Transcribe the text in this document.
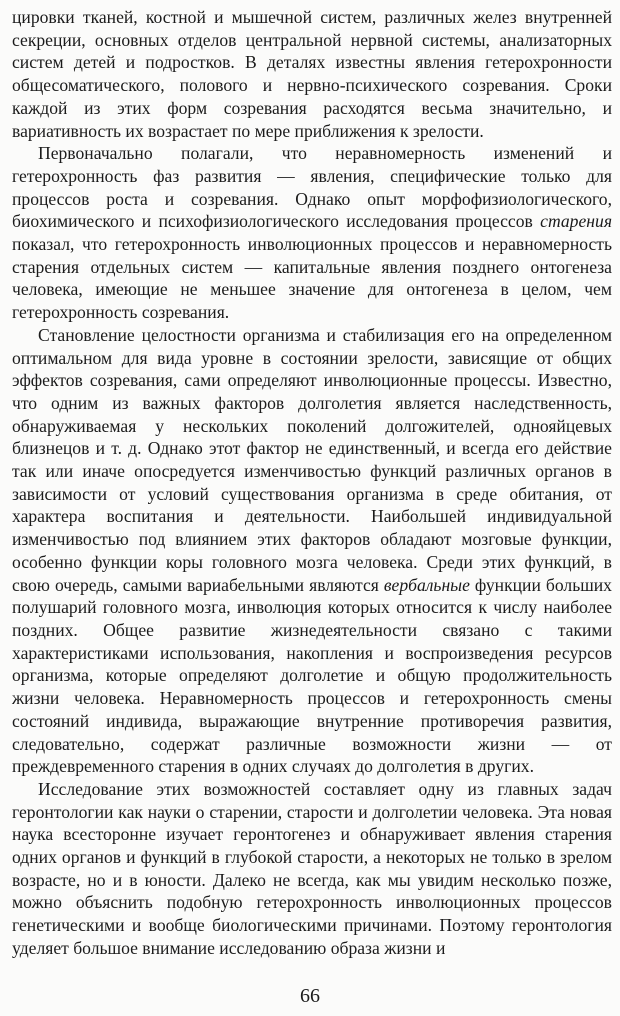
цировки тканей, костной и мышечной систем, различных желез внутренней секреции, основных отделов центральной нервной системы, анализаторных систем детей и подростков. В деталях известны явления гетерохронности общесоматического, полового и нервно-психического созревания. Сроки каждой из этих форм созревания расходятся весьма значительно, и вариативность их возрастает по мере приближения к зрелости.

Первоначально полагали, что неравномерность изменений и гетерохронность фаз развития — явления, специфические только для процессов роста и созревания. Однако опыт морфофизиологического, биохимического и психофизиологического исследования процессов старения показал, что гетерохронность инволюционных процессов и неравномерность старения отдельных систем — капитальные явления позднего онтогенеза человека, имеющие не меньшее значение для онтогенеза в целом, чем гетерохронность созревания.

Становление целостности организма и стабилизация его на определенном оптимальном для вида уровне в состоянии зрелости, зависящие от общих эффектов созревания, сами определяют инволюционные процессы. Известно, что одним из важных факторов долголетия является наследственность, обнаруживаемая у нескольких поколений долгожителей, однояйцевых близнецов и т. д. Однако этот фактор не единственный, и всегда его действие так или иначе опосредуется изменчивостью функций различных органов в зависимости от условий существования организма в среде обитания, от характера воспитания и деятельности. Наибольшей индивидуальной изменчивостью под влиянием этих факторов обладают мозговые функции, особенно функции коры головного мозга человека. Среди этих функций, в свою очередь, самыми вариабельными являются вербальные функции больших полушарий головного мозга, инволюция которых относится к числу наиболее поздних. Общее развитие жизнедеятельности связано с такими характеристиками использования, накопления и воспроизведения ресурсов организма, которые определяют долголетие и общую продолжительность жизни человека. Неравномерность процессов и гетерохронность смены состояний индивида, выражающие внутренние противоречия развития, следовательно, содержат различные возможности жизни — от преждевременного старения в одних случаях до долголетия в других.

Исследование этих возможностей составляет одну из главных задач геронтологии как науки о старении, старости и долголетии человека. Эта новая наука всесторонне изучает геронтогенез и обнаруживает явления старения одних органов и функций в глубокой старости, а некоторых не только в зрелом возрасте, но и в юности. Далеко не всегда, как мы увидим несколько позже, можно объяснить подобную гетерохронность инволюционных процессов генетическими и вообще биологическими причинами. Поэтому геронтология уделяет большое внимание исследованию образа жизни и

66
